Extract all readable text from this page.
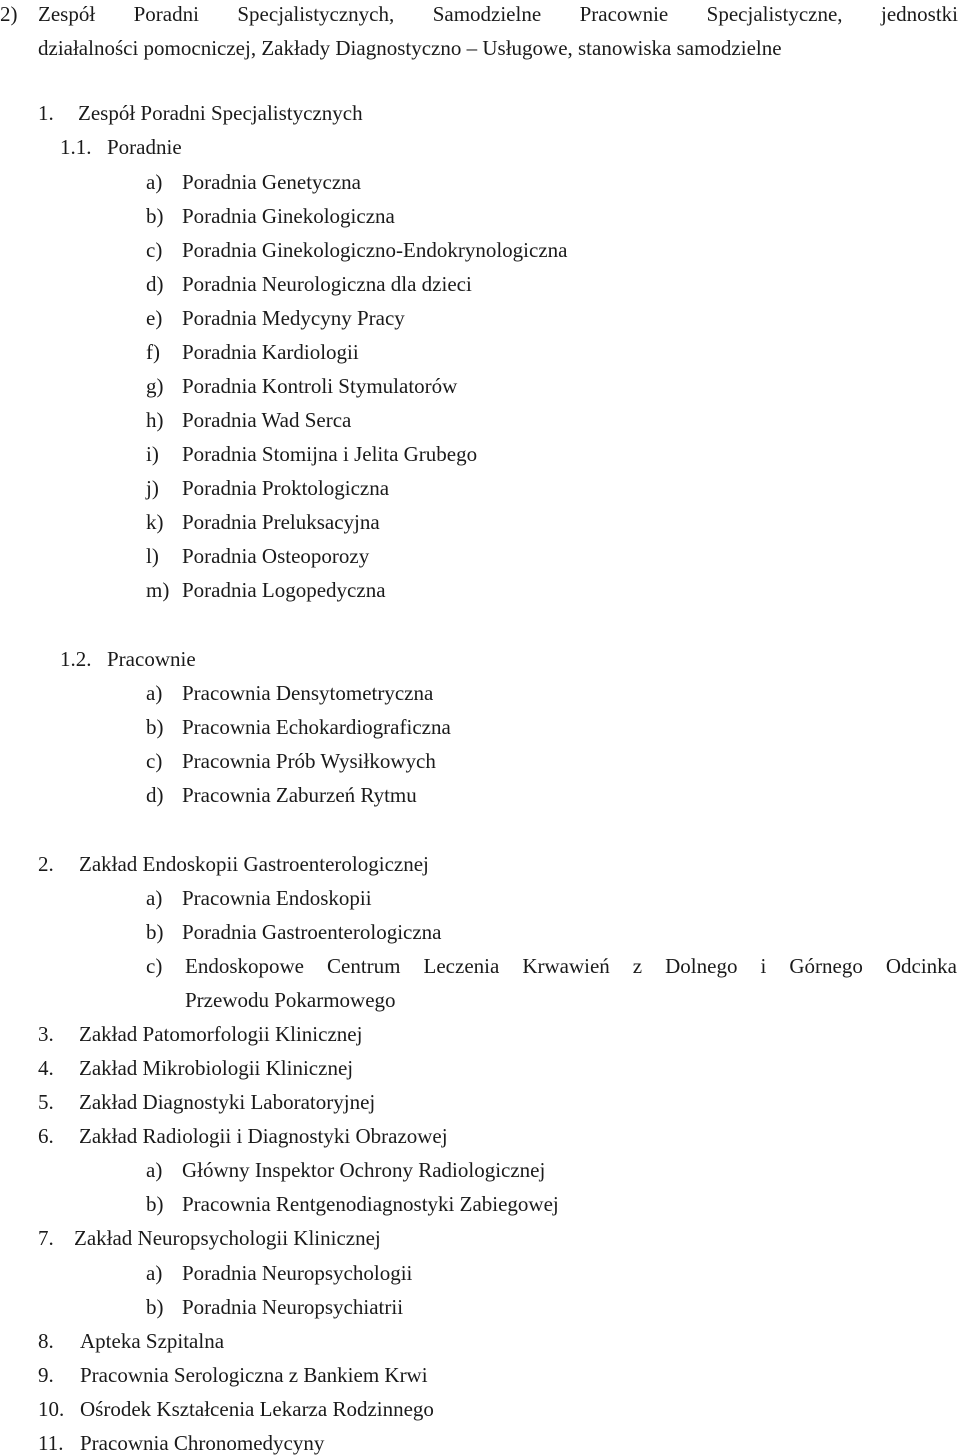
2) Zespół Poradni Specjalistycznych, Samodzielne Pracownie Specjalistyczne, jednostki
działalności pomocniczej, Zakłady Diagnostyczno – Usługowe, stanowiska samodzielne
1. Zespół Poradni Specjalistycznych
1.1. Poradnie
a) Poradnia Genetyczna
b) Poradnia Ginekologiczna
c) Poradnia Ginekologiczno-Endokrynologiczna
d) Poradnia Neurologiczna dla dzieci
e) Poradnia Medycyny Pracy
f) Poradnia Kardiologii
g) Poradnia Kontroli Stymulatorów
h) Poradnia Wad Serca
i) Poradnia Stomijna i Jelita Grubego
j) Poradnia Proktologiczna
k) Poradnia Preluksacyjna
l) Poradnia Osteoporozy
m) Poradnia Logopedyczna
1.2. Pracownie
a) Pracownia Densytometryczna
b) Pracownia Echokardiograficzna
c) Pracownia Prób Wysiłkowych
d) Pracownia Zaburzeń Rytmu
2. Zakład Endoskopii Gastroenterologicznej
a) Pracownia Endoskopii
b) Poradnia Gastroenterologiczna
c) Endoskopowe Centrum Leczenia Krwawień z Dolnego i Górnego Odcinka
Przewodu Pokarmowego
3. Zakład Patomorfologii Klinicznej
4. Zakład Mikrobiologii Klinicznej
5. Zakład Diagnostyki Laboratoryjnej
6. Zakład Radiologii i Diagnostyki Obrazowej
a) Główny Inspektor Ochrony Radiologicznej
b) Pracownia Rentgenodiagnostyki Zabiegowej
7. Zakład Neuropsychologii Klinicznej
a) Poradnia Neuropsychologii
b) Poradnia Neuropsychiatrii
8. Apteka Szpitalna
9. Pracownia Serologiczna z Bankiem Krwi
10. Ośrodek Kształcenia Lekarza Rodzinnego
11. Pracownia Chronomedycyny
